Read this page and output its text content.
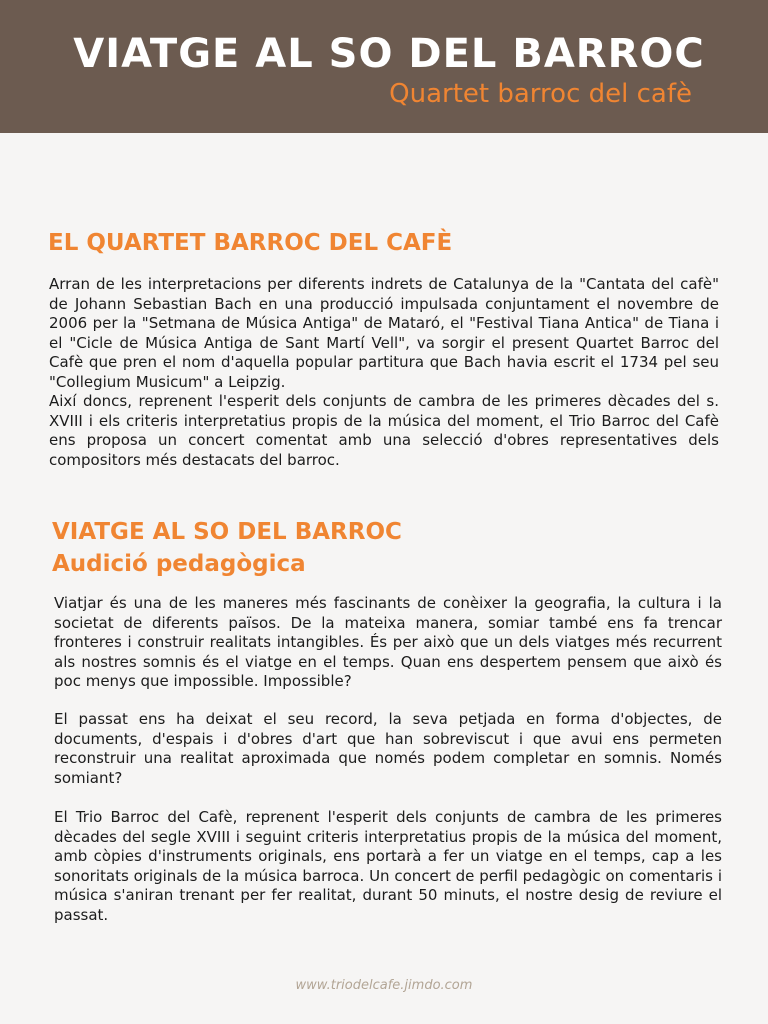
VIATGE AL SO DEL BARROC
Quartet barroc del cafè
EL QUARTET BARROC DEL CAFÈ

Arran de les interpretacions per diferents indrets de Catalunya de la "Cantata del cafè" de Johann Sebastian Bach en una producció impulsada conjuntament el novembre de 2006 per la "Setmana de Música Antiga" de Mataró, el "Festival Tiana Antica" de Tiana i el "Cicle de Música Antiga de Sant Martí Vell", va sorgir el present Quartet Barroc del Cafè que pren el nom d'aquella popular partitura que Bach havia escrit el 1734 pel seu "Collegium Musicum" a Leipzig.

Així doncs, reprenent l'esperit dels conjunts de cambra de les primeres dècades del s. XVIII i els criteris interpretatius propis de la música del moment, el Trio Barroc del Cafè ens proposa un concert comentat amb una selecció d'obres representatives dels compositors més destacats del barroc.

VIATGE AL SO DEL BARROC
Audició pedagògica

Viatjar és una de les maneres més fascinants de conèixer la geografia, la cultura i la societat de diferents països. De la mateixa manera, somiar també ens fa trencar fronteres i construir realitats intangibles. És per això que un dels viatges més recurrent als nostres somnis és el viatge en el temps. Quan ens despertem pensem que això és poc menys que impossible. Impossible?

El passat ens ha deixat el seu record, la seva petjada en forma d'objectes, de documents, d'espais i d'obres d'art que han sobreviscut i que avui ens permeten reconstruir una realitat aproximada que només podem completar en somnis. Només somiant?

El Trio Barroc del Cafè, reprenent l'esperit dels conjunts de cambra de les primeres dècades del segle XVIII i seguint criteris interpretatius propis de la música del moment, amb còpies d'instruments originals, ens portarà a fer un viatge en el temps, cap a les sonoritats originals de la música barroca. Un concert de perfil pedagògic on comentaris i música s'aniran trenant per fer realitat, durant 50 minuts, el nostre desig de reviure el passat.

www.triodelcafe.jimdo.com
